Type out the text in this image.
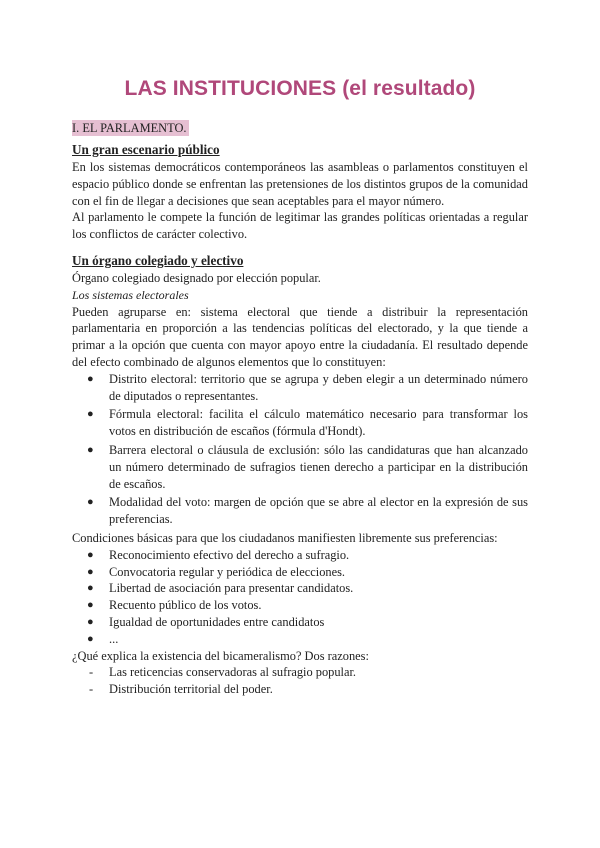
LAS INSTITUCIONES (el resultado)
I. EL PARLAMENTO.
Un gran escenario público

En los sistemas democráticos contemporáneos las asambleas o parlamentos constituyen el espacio público donde se enfrentan las pretensiones de los distintos grupos de la comunidad con el fin de llegar a decisiones que sean aceptables para el mayor número.

Al parlamento le compete la función de legitimar las grandes políticas orientadas a regular los conflictos de carácter colectivo.

Un órgano colegiado y electivo

Órgano colegiado designado por elección popular.

Los sistemas electorales

Pueden agruparse en: sistema electoral que tiende a distribuir la representación parlamentaria en proporción a las tendencias políticas del electorado, y la que tiende a primar a la opción que cuenta con mayor apoyo entre la ciudadanía. El resultado depende del efecto combinado de algunos elementos que lo constituyen:

● Distrito electoral: territorio que se agrupa y deben elegir a un determinado número de diputados o representantes.
● Fórmula electoral: facilita el cálculo matemático necesario para transformar los votos en distribución de escaños (fórmula d'Hondt).
● Barrera electoral o cláusula de exclusión: sólo las candidaturas que han alcanzado un número determinado de sufragios tienen derecho a participar en la distribución de escaños.
● Modalidad del voto: margen de opción que se abre al elector en la expresión de sus preferencias.

Condiciones básicas para que los ciudadanos manifiesten libremente sus preferencias:

● Reconocimiento efectivo del derecho a sufragio.
● Convocatoria regular y periódica de elecciones.
● Libertad de asociación para presentar candidatos.
● Recuento público de los votos.
● Igualdad de oportunidades entre candidatos
● ...

¿Qué explica la existencia del bicameralismo? Dos razones:

- Las reticencias conservadoras al sufragio popular.
- Distribución territorial del poder.
